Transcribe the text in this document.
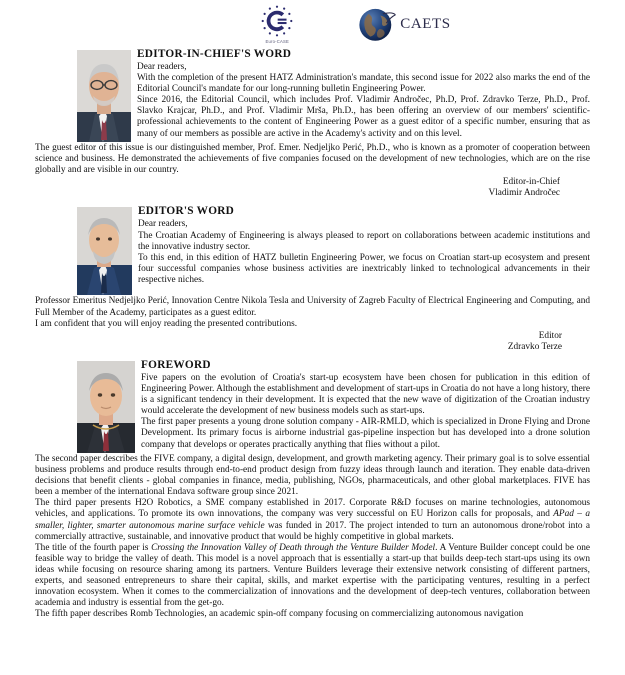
Euro-CASE
CAETS
EDITOR-IN-CHIEF'S WORD

Dear readers,

With the completion of the present HATZ Administration's mandate, this second issue for 2022 also marks the end of the Editorial Council's mandate for our long-running bulletin Engineering Power.

Since 2016, the Editorial Council, which includes Prof. Vladimir Andročec, Ph.D, Prof. Zdravko Terze, Ph.D., Prof. Slavko Krajcar, Ph.D., and Prof. Vladimir Mrša, Ph.D., has been offering an overview of our members' scientific-professional achievements to the content of Engineering Power as a guest editor of a specific number, ensuring that as many of our members as possible are active in the Academy's activity and on this level.

The guest editor of this issue is our distinguished member, Prof. Emer. Nedjeljko Perić, Ph.D., who is known as a promoter of cooperation between science and business. He demonstrated the achievements of five companies focused on the development of new technologies, which are on the rise globally and are visible in our country.

Editor-in-Chief
Vladimir Andročec
EDITOR'S WORD

Dear readers,

The Croatian Academy of Engineering is always pleased to report on collaborations between academic institutions and the innovative industry sector.

To this end, in this edition of HATZ bulletin Engineering Power, we focus on Croatian start-up ecosystem and present four successful companies whose business activities are inextricably linked to technological advancements in their respective niches.

Professor Emeritus Nedjeljko Perić, Innovation Centre Nikola Tesla and University of Zagreb Faculty of Electrical Engineering and Computing, and Full Member of the Academy, participates as a guest editor.

I am confident that you will enjoy reading the presented contributions.

Editor
Zdravko Terze
FOREWORD

Five papers on the evolution of Croatia's start-up ecosystem have been chosen for publication in this edition of Engineering Power. Although the establishment and development of start-ups in Croatia do not have a long history, there is a significant tendency in their development. It is expected that the new wave of digitization of the Croatian industry would accelerate the development of new business models such as start-ups.

The first paper presents a young drone solution company - AIR-RMLD, which is specialized in Drone Flying and Drone Development. Its primary focus is airborne industrial gas-pipeline inspection but has developed into a drone solution company that develops or operates practically anything that flies without a pilot.

The second paper describes the FIVE company, a digital design, development, and growth marketing agency. Their primary goal is to solve essential business problems and produce results through end-to-end product design from fuzzy ideas through launch and iteration. They enable data-driven decisions that benefit clients - global companies in finance, media, publishing, NGOs, pharmaceuticals, and other global marketplaces. FIVE has been a member of the international Endava software group since 2021.

The third paper presents H2O Robotics, a SME company established in 2017. Corporate R&D focuses on marine technologies, autonomous vehicles, and applications. To promote its own innovations, the company was very successful on EU Horizon calls for proposals, and APad – a smaller, lighter, smarter autonomous marine surface vehicle was funded in 2017. The project intended to turn an autonomous drone/robot into a commercially attractive, sustainable, and innovative product that would be highly competitive in global markets.

The title of the fourth paper is Crossing the Innovation Valley of Death through the Venture Builder Model. A Venture Builder concept could be one feasible way to bridge the valley of death. This model is a novel approach that is essentially a start-up that builds deep-tech start-ups using its own ideas while focusing on resource sharing among its partners. Venture Builders leverage their extensive network consisting of different partners, experts, and seasoned entrepreneurs to share their capital, skills, and market expertise with the participating ventures, resulting in a perfect innovation ecosystem. When it comes to the commercialization of innovations and the development of deep-tech ventures, collaboration between academia and industry is essential from the get-go.

The fifth paper describes Romb Technologies, an academic spin-off company focusing on commercializing autonomous navigation
